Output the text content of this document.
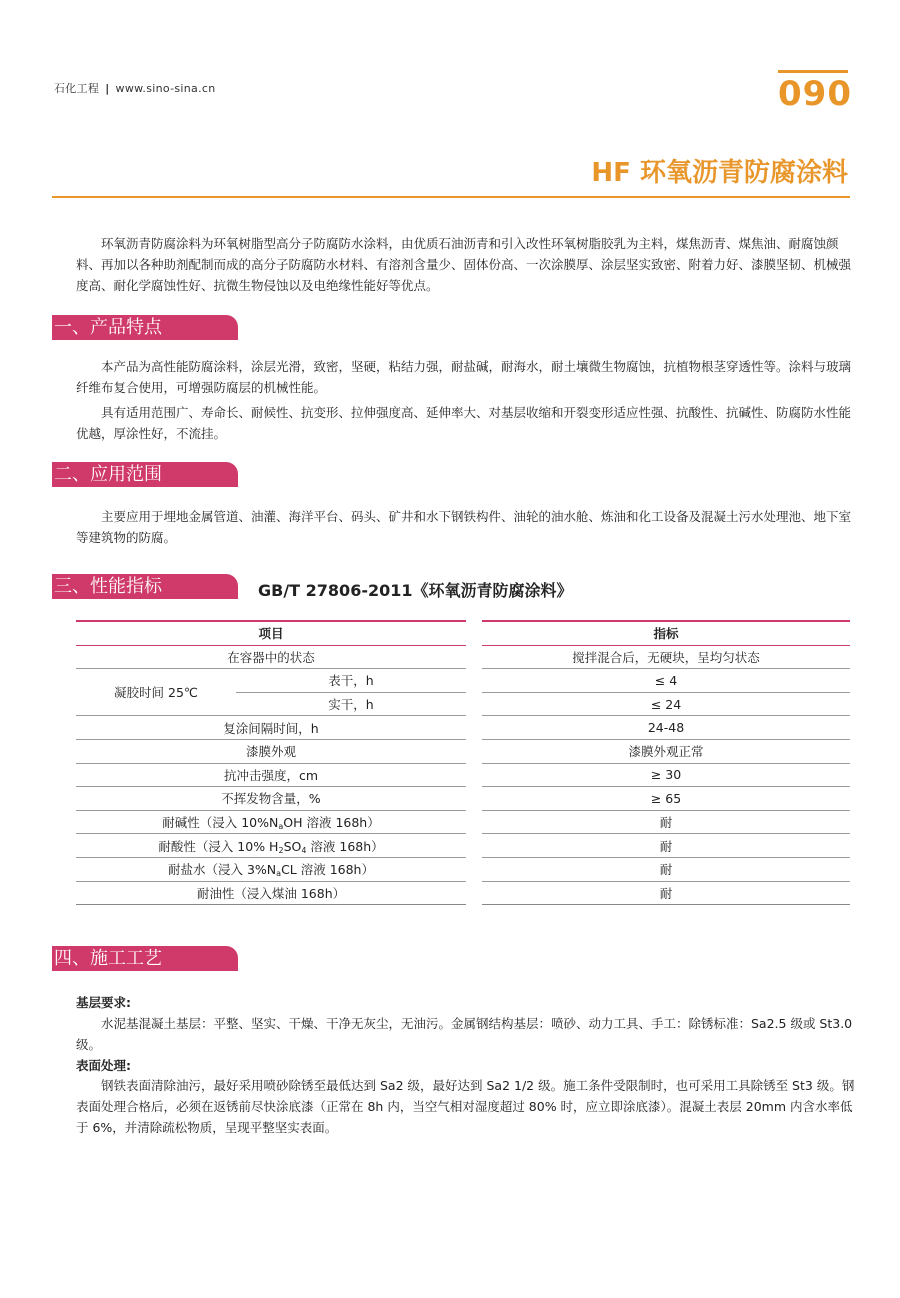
石化工程 | www.sino-sina.cn	090
HF 环氧沥青防腐涂料

环氧沥青防腐涂料为环氧树脂型高分子防腐防水涂料，由优质石油沥青和引入改性环氧树脂胶乳为主料，煤焦沥青、煤焦油、耐腐蚀颜料、再加以各种助剂配制而成的高分子防腐防水材料、有溶剂含量少、固体份高、一次涂膜厚、涂层坚实致密、附着力好、漆膜坚韧、机械强度高、耐化学腐蚀性好、抗微生物侵蚀以及电绝缘性能好等优点。

一、产品特点

本产品为高性能防腐涂料，涂层光滑，致密，坚硬，粘结力强，耐盐碱，耐海水，耐土壤微生物腐蚀，抗植物根茎穿透性等。涂料与玻璃纤维布复合使用，可增强防腐层的机械性能。

具有适用范围广、寿命长、耐候性、抗变形、拉伸强度高、延伸率大、对基层收缩和开裂变形适应性强、抗酸性、抗碱性、防腐防水性能优越，厚涂性好，不流挂。

二、应用范围

主要应用于埋地金属管道、油灌、海洋平台、码头、矿井和水下钢铁构件、油轮的油水舱、炼油和化工设备及混凝土污水处理池、地下室等建筑物的防腐。

三、性能指标	GB/T 27806-2011《环氧沥青防腐涂料》
项目			指标
在容器中的状态			搅拌混合后，无硬块，呈均匀状态
凝胶时间 25℃	表干，h		≤ 4
	实干，h		≤ 24
复涂间隔时间，h			24-48
漆膜外观			漆膜外观正常
抗冲击强度，cm			≥ 30
不挥发物含量，%			≥ 65
耐碱性（浸入 $10\%N_aOH$ 溶液 168h）			耐
耐酸性（浸入 10% $H_2SO_4$ 溶液 168h）			耐
耐盐水（浸入 $3\%N_aCL$ 溶液 168h）			耐
耐油性（浸入煤油 168h）			耐
四、施工工艺
基层要求:

水泥基混凝土基层：平整、坚实、干燥、干净无灰尘，无油污。金属钢结构基层：喷砂、动力工具、手工：除锈标准：Sa2.5 级或 St3.0 级。

表面处理:

钢铁表面清除油污，最好采用喷砂除锈至最低达到 Sa2 级，最好达到 Sa2 1/2 级。施工条件受限制时，也可采用工具除锈至 St3 级。钢表面处理合格后，必须在返锈前尽快涂底漆（正常在 8h 内，当空气相对湿度超过 80% 时，应立即涂底漆）。混凝土表层 20mm 内含水率低于 6%，并清除疏松物质，呈现平整坚实表面。
